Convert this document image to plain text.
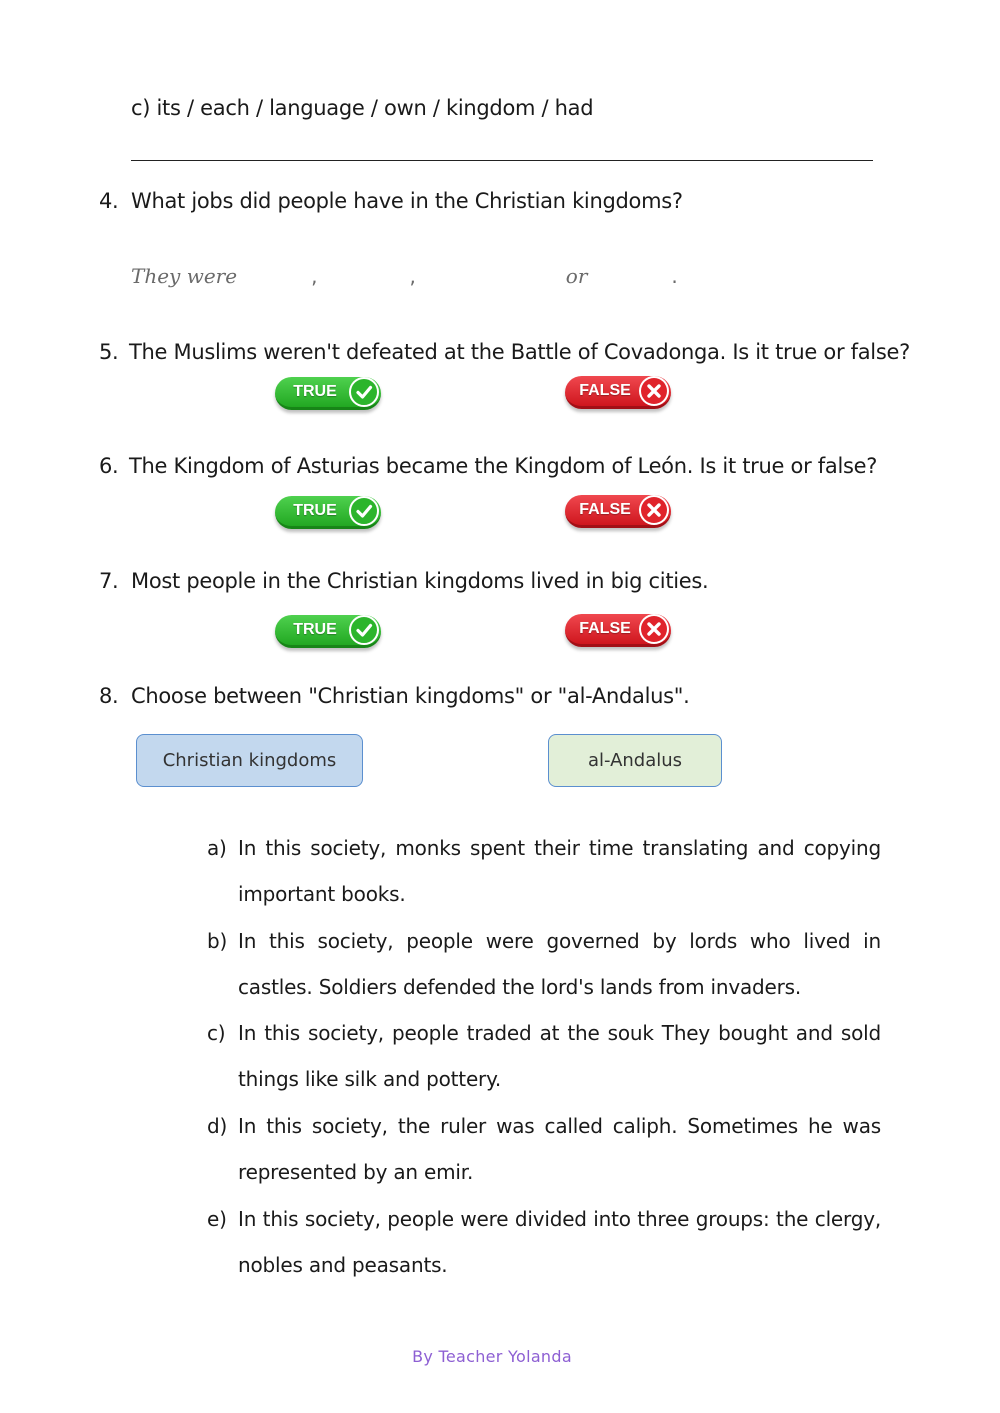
c) its / each / language / own / kingdom / had
4. What jobs did people have in the Christian kingdoms?
They were	,	,	or	.
5. The Muslims weren't defeated at the Battle of Covadonga. Is it true or false?
TRUE	FALSE
6. The Kingdom of Asturias became the Kingdom of León. Is it true or false?
TRUE	FALSE
7. Most people in the Christian kingdoms lived in big cities.
TRUE	FALSE
8. Choose between "Christian kingdoms" or "al-Andalus".
Christian kingdoms	al-Andalus
a) In this society, monks spent their time translating and copying important books.
b) In this society, people were governed by lords who lived in castles. Soldiers defended the lord's lands from invaders.
c) In this society, people traded at the souk They bought and sold things like silk and pottery.
d) In this society, the ruler was called caliph. Sometimes he was represented by an emir.
e) In this society, people were divided into three groups: the clergy, nobles and peasants.
By Teacher Yolanda
